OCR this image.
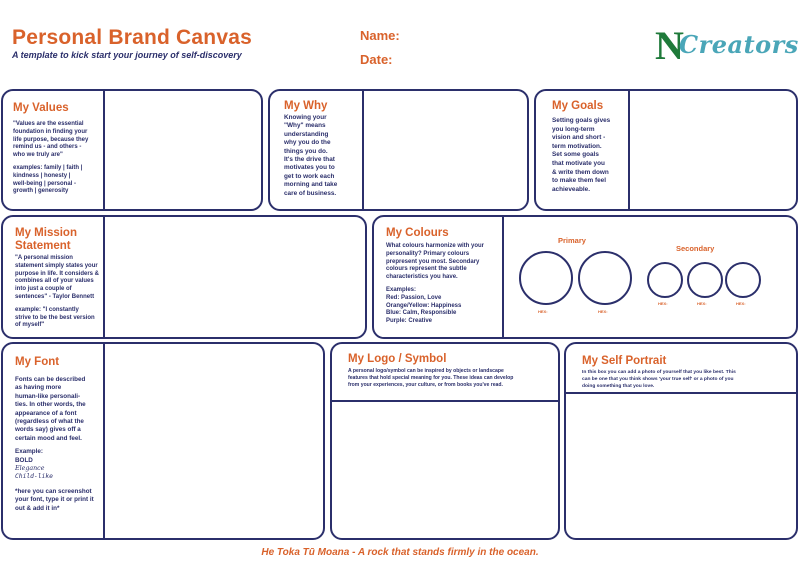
Personal Brand Canvas
A template to kick start your journey of self-discovery
Name:
Date:	N
Creators
My Values

"Values are the essential
foundation in finding your
life purpose, because they
remind us - and others -
who we truly are"

examples: family | faith |
kindness | honesty |
well-being | personal -
growth | generosity

My Why
Knowing your
"Why" means
understanding
why you do the
things you do.
It's the drive that
motivates you to
get to work each
morning and take
care of business.
My Goals
Setting goals gives
you long-term
vision and short -
term motivation.
Set some goals
that motivate you
& write them down
to make them feel
achieveable.
My Mission
Statement

"A personal mission
statement simply states your
purpose in life. It considers &
combines all of your values
into just a couple of
sentences" - Taylor Bennett

example: "I constantly
strive to be the best version
of myself"

My Colours

What colours harmonize with your
personality? Primary colours
prepresent you most. Secondary
colours represent the subtle
characteristics you have.

Examples:
Red: Passion, Love
Orange/Yellow: Happiness
Blue: Calm, Responsible
Purple: Creative
Primary
Secondary
HEX:	HEX:
HEX:	HEX:	HEX:
My Font

Fonts can be described
as having more
human-like personali-
ties. In other words, the
appearance of a font
(regardless of what the
words say) gives off a
certain mood and feel.

Example:
BOLD
Elegance
Child-like
*here you can screenshot
your font, type it or print it
out & add it in*
My Logo / Symbol
A personal logo/symbol can be inspired by objects or landscape
features that hold special meaning for you. These ideas can develop
from your experiences, your culture, or from books you've read.
My Self Portrait
In this box you can add a photo of yourself that you like best. This
can be one that you think shows 'your true self' or a photo of you
doing something that you love.
He Toka Tū Moana - A rock that stands firmly in the ocean.
